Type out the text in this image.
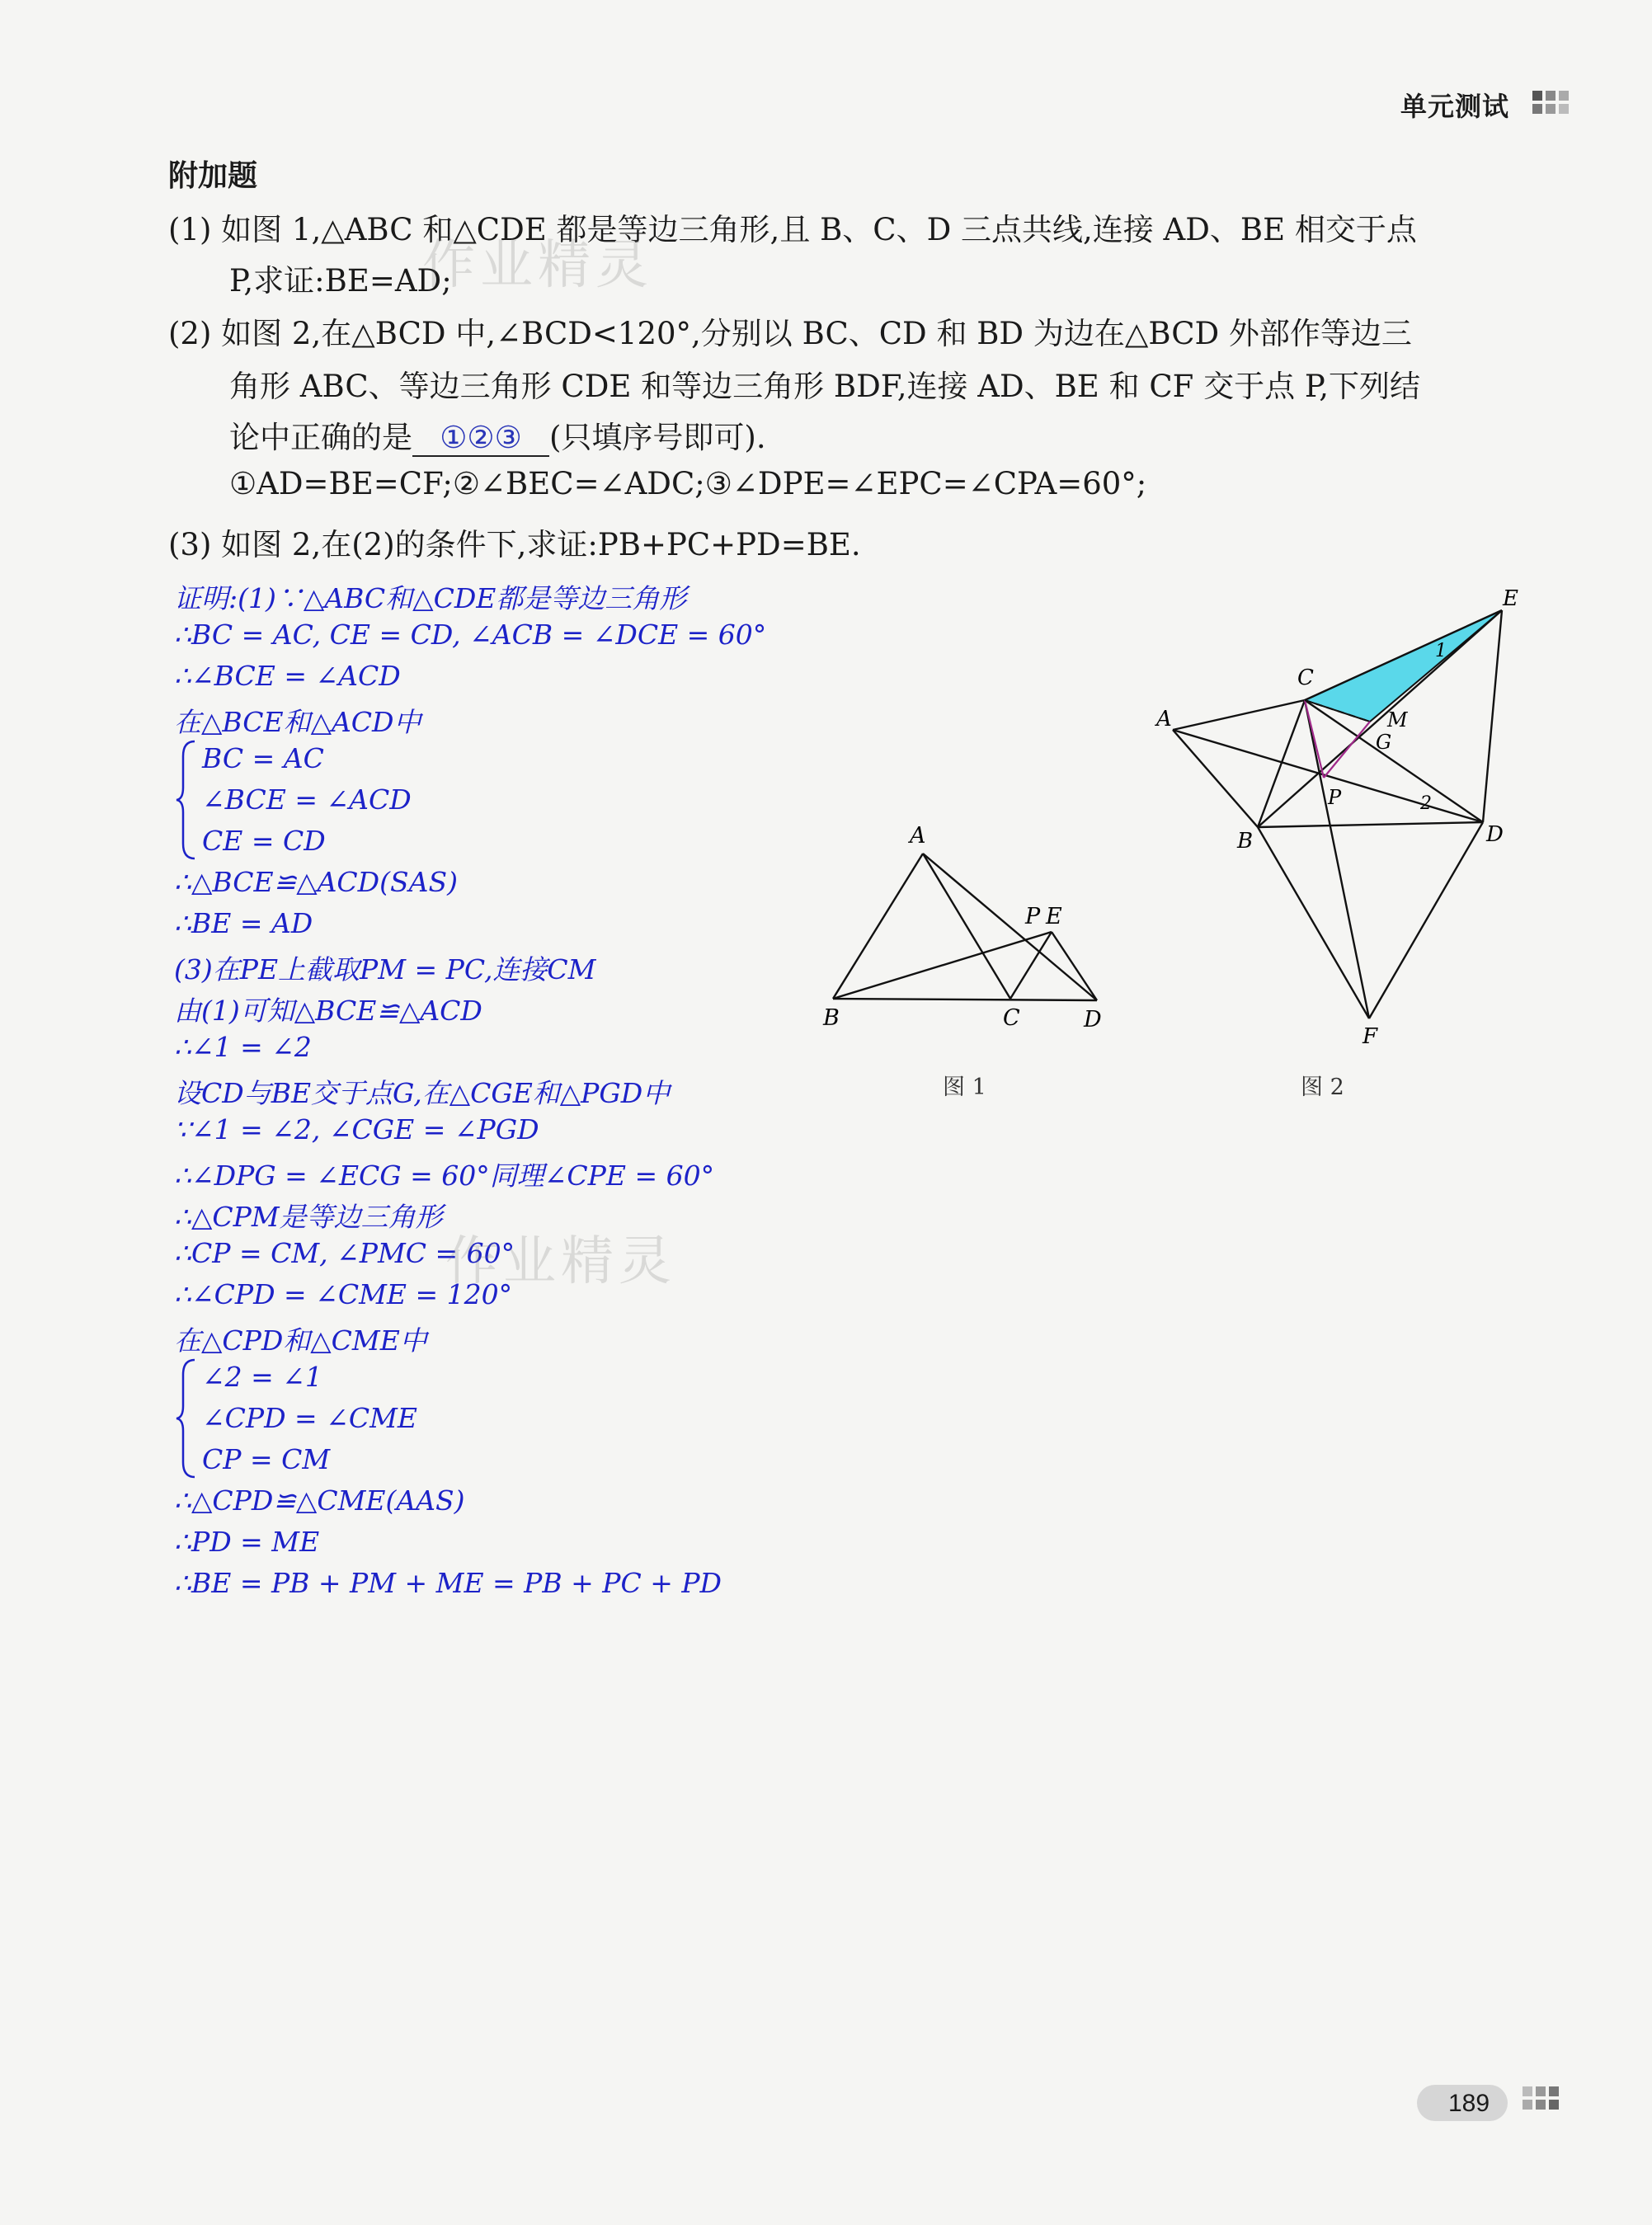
单元测试
附加题
(1) 如图 1,△ABC 和△CDE 都是等边三角形,且 B、C、D 三点共线,连接 AD、BE 相交于点
P,求证:BE=AD;
(2) 如图 2,在△BCD 中,∠BCD<120°,分别以 BC、CD 和 BD 为边在△BCD 外部作等边三
角形 ABC、等边三角形 CDE 和等边三角形 BDF,连接 AD、BE 和 CF 交于点 P,下列结
论中正确的是 ①②③ (只填序号即可).
①AD=BE=CF;②∠BEC=∠ADC;③∠DPE=∠EPC=∠CPA=60°;
(3) 如图 2,在(2)的条件下,求证:PB+PC+PD=BE.
证明:(1)∵△ABC和△CDE都是等边三角形
∴BC = AC, CE = CD, ∠ACB = ∠DCE = 60°
∴∠BCE = ∠ACD
在△BCE和△ACD中
BC = AC
∠BCE = ∠ACD
CE = CD
∴△BCE≌△ACD(SAS)
∴BE = AD
(3)在PE上截取PM = PC,连接CM
由(1)可知△BCE≌△ACD
∴∠1 = ∠2
设CD与BE交于点G,在△CGE和△PGD中
∵∠1 = ∠2, ∠CGE = ∠PGD
∴∠DPG = ∠ECG = 60°同理∠CPE = 60°
∴△CPM是等边三角形
∴CP = CM, ∠PMC = 60°
∴∠CPD = ∠CME = 120°
在△CPD和△CME中
∠2 = ∠1
∠CPD = ∠CME
CP = CM
∴△CPD≌△CME(AAS)
∴PD = ME
∴BE = PB + PM + ME = PB + PC + PD
A
B	C	D
P E
图 1
A
B
C
D
E
F
G
M
P
1
2
图 2
作业精灵
作业精灵
189
